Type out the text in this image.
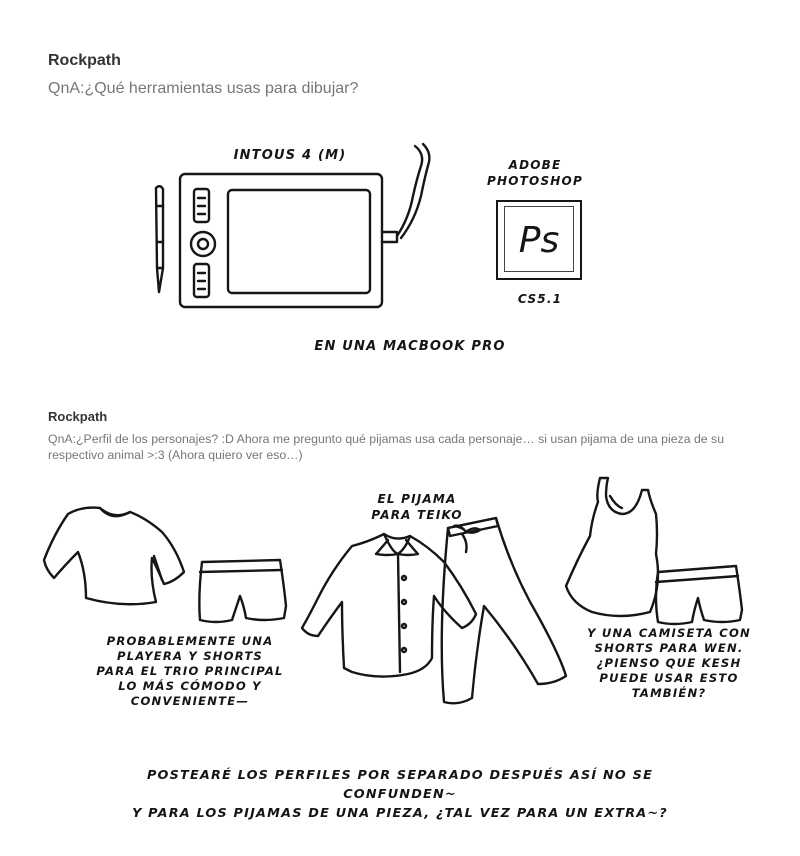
Rockpath
QnA:¿Qué herramientas usas para dibujar?
INTOUS 4 (M)
ADOBE
PHOTOSHOP
Ps
CS5.1
EN UNA MACBOOK PRO
Rockpath
QnA:¿Perfil de los personajes? :D Ahora me pregunto qué pijamas usa cada personaje… si usan pijama de una pieza de su respectivo animal >:3 (Ahora quiero ver eso…)
EL PIJAMA
PARA TEIKO
PROBABLEMENTE UNA
PLAYERA Y SHORTS
PARA EL TRIO PRINCIPAL
LO MÁS CÓMODO Y
CONVENIENTE—
Y UNA CAMISETA CON
SHORTS PARA WEN.
¿PIENSO QUE KESH
PUEDE USAR ESTO
TAMBIÉN?
POSTEARÉ LOS PERFILES POR SEPARADO DESPUÉS ASÍ NO SE CONFUNDEN~
Y PARA LOS PIJAMAS DE UNA PIEZA, ¿TAL VEZ PARA UN EXTRA~?
